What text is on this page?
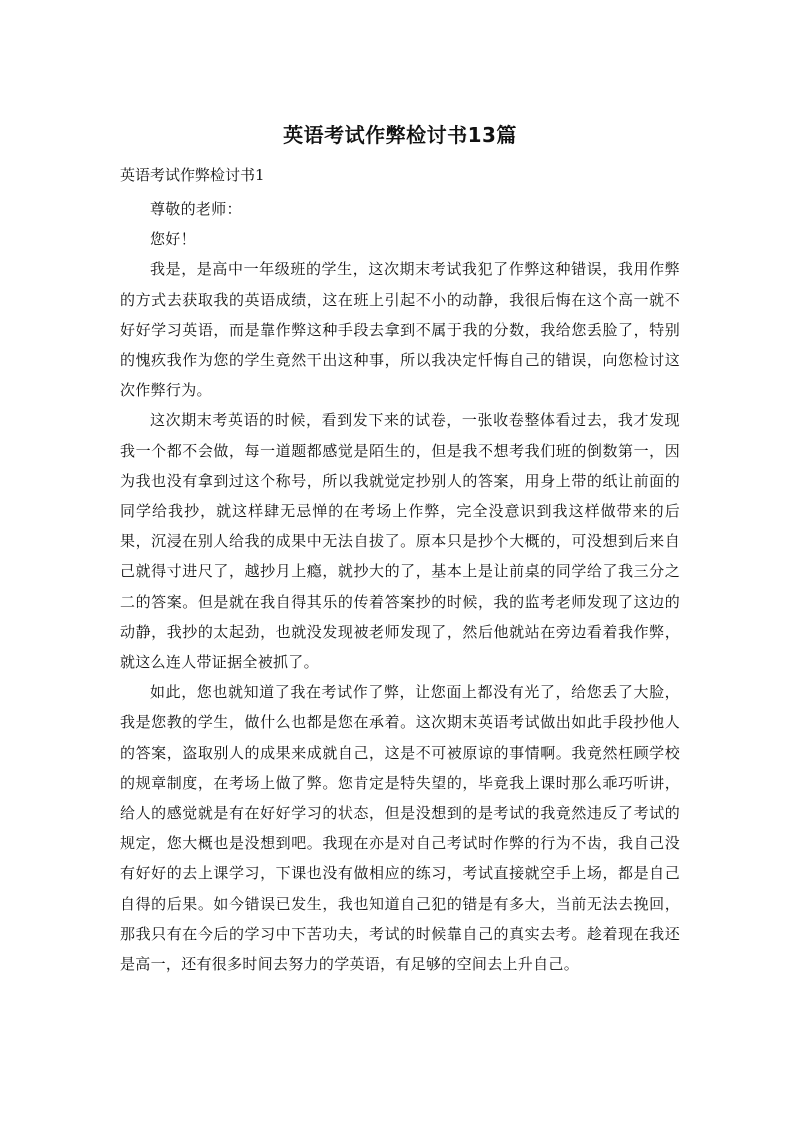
英语考试作弊检讨书13篇
英语考试作弊检讨书1

尊敬的老师：

您好！

我是，是高中一年级班的学生，这次期末考试我犯了作弊这种错误，我用作弊的方式去获取我的英语成绩，这在班上引起不小的动静，我很后悔在这个高一就不好好学习英语，而是靠作弊这种手段去拿到不属于我的分数，我给您丢脸了，特别的愧疚我作为您的学生竟然干出这种事，所以我决定忏悔自己的错误，向您检讨这次作弊行为。

这次期末考英语的时候，看到发下来的试卷，一张收卷整体看过去，我才发现我一个都不会做，每一道题都感觉是陌生的，但是我不想考我们班的倒数第一，因为我也没有拿到过这个称号，所以我就觉定抄别人的答案，用身上带的纸让前面的同学给我抄，就这样肆无忌惮的在考场上作弊，完全没意识到我这样做带来的后果，沉浸在别人给我的成果中无法自拔了。原本只是抄个大概的，可没想到后来自己就得寸进尺了，越抄月上瘾，就抄大的了，基本上是让前桌的同学给了我三分之二的答案。但是就在我自得其乐的传着答案抄的时候，我的监考老师发现了这边的动静，我抄的太起劲，也就没发现被老师发现了，然后他就站在旁边看着我作弊，就这么连人带证据全被抓了。

如此，您也就知道了我在考试作了弊，让您面上都没有光了，给您丢了大脸，我是您教的学生，做什么也都是您在承着。这次期末英语考试做出如此手段抄他人的答案，盗取别人的成果来成就自己，这是不可被原谅的事情啊。我竟然枉顾学校的规章制度，在考场上做了弊。您肯定是特失望的，毕竟我上课时那么乖巧听讲，给人的感觉就是有在好好学习的状态，但是没想到的是考试的我竟然违反了考试的规定，您大概也是没想到吧。我现在亦是对自己考试时作弊的行为不齿，我自己没有好好的去上课学习，下课也没有做相应的练习，考试直接就空手上场，都是自己自得的后果。如今错误已发生，我也知道自己犯的错是有多大，当前无法去挽回，那我只有在今后的学习中下苦功夫，考试的时候靠自己的真实去考。趁着现在我还是高一，还有很多时间去努力的学英语，有足够的空间去上升自己。
